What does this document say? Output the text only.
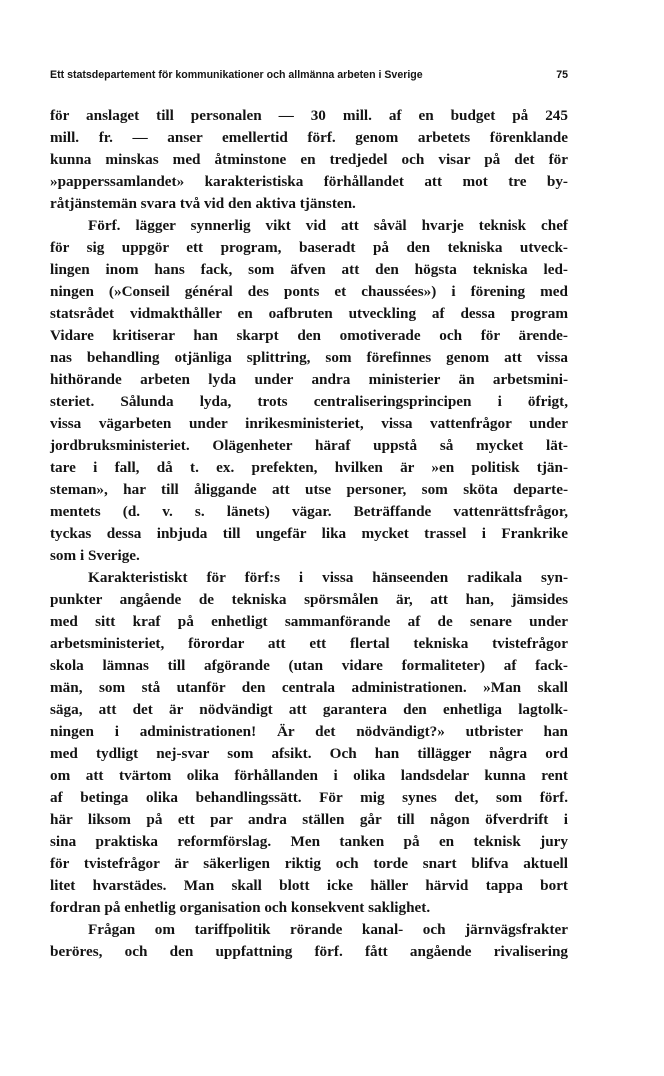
Ett statsdepartement för kommunikationer och allmänna arbeten i Sverige	75
för anslaget till personalen — 30 mill. af en budget på 245
mill. fr. — anser emellertid förf. genom arbetets förenklande
kunna minskas med åtminstone en tredjedel och visar på det för
»papperssamlandet» karakteristiska förhållandet att mot tre by-
råtjänstemän svara två vid den aktiva tjänsten.
Förf. lägger synnerlig vikt vid att såväl hvarje teknisk chef
för sig uppgör ett program, baseradt på den tekniska utveck-
lingen inom hans fack, som äfven att den högsta tekniska led-
ningen (»Conseil général des ponts et chaussées») i förening med
statsrådet vidmakthåller en oafbruten utveckling af dessa program
Vidare kritiserar han skarpt den omotiverade och för ärende-
nas behandling otjänliga splittring, som förefinnes genom att vissa
hithörande arbeten lyda under andra ministerier än arbetsmini-
steriet. Sålunda lyda, trots centraliseringsprincipen i öfrigt,
vissa vägarbeten under inrikesministeriet, vissa vattenfrågor under
jordbruksministeriet. Olägenheter häraf uppstå så mycket lät-
tare i fall, då t. ex. prefekten, hvilken är »en politisk tjän-
steman», har till åliggande att utse personer, som sköta departe-
mentets (d. v. s. länets) vägar. Beträffande vattenrättsfrågor,
tyckas dessa inbjuda till ungefär lika mycket trassel i Frankrike
som i Sverige.
Karakteristiskt för förf:s i vissa hänseenden radikala syn-
punkter angående de tekniska spörsmålen är, att han, jämsides
med sitt kraf på enhetligt sammanförande af de senare under
arbetsministeriet, förordar att ett flertal tekniska tvistefrågor
skola lämnas till afgörande (utan vidare formaliteter) af fack-
män, som stå utanför den centrala administrationen. »Man skall
säga, att det är nödvändigt att garantera den enhetliga lagtolk-
ningen i administrationen! Är det nödvändigt?» utbrister han
med tydligt nej-svar som afsikt. Och han tillägger några ord
om att tvärtom olika förhållanden i olika landsdelar kunna rent
af betinga olika behandlingssätt. För mig synes det, som förf.
här liksom på ett par andra ställen går till någon öfverdrift i
sina praktiska reformförslag. Men tanken på en teknisk jury
för tvistefrågor är säkerligen riktig och torde snart blifva aktuell
litet hvarstädes. Man skall blott icke häller härvid tappa bort
fordran på enhetlig organisation och konsekvent saklighet.
Frågan om tariffpolitik rörande kanal- och järnvägsfrakter
beröres, och den uppfattning förf. fått angående rivalisering
